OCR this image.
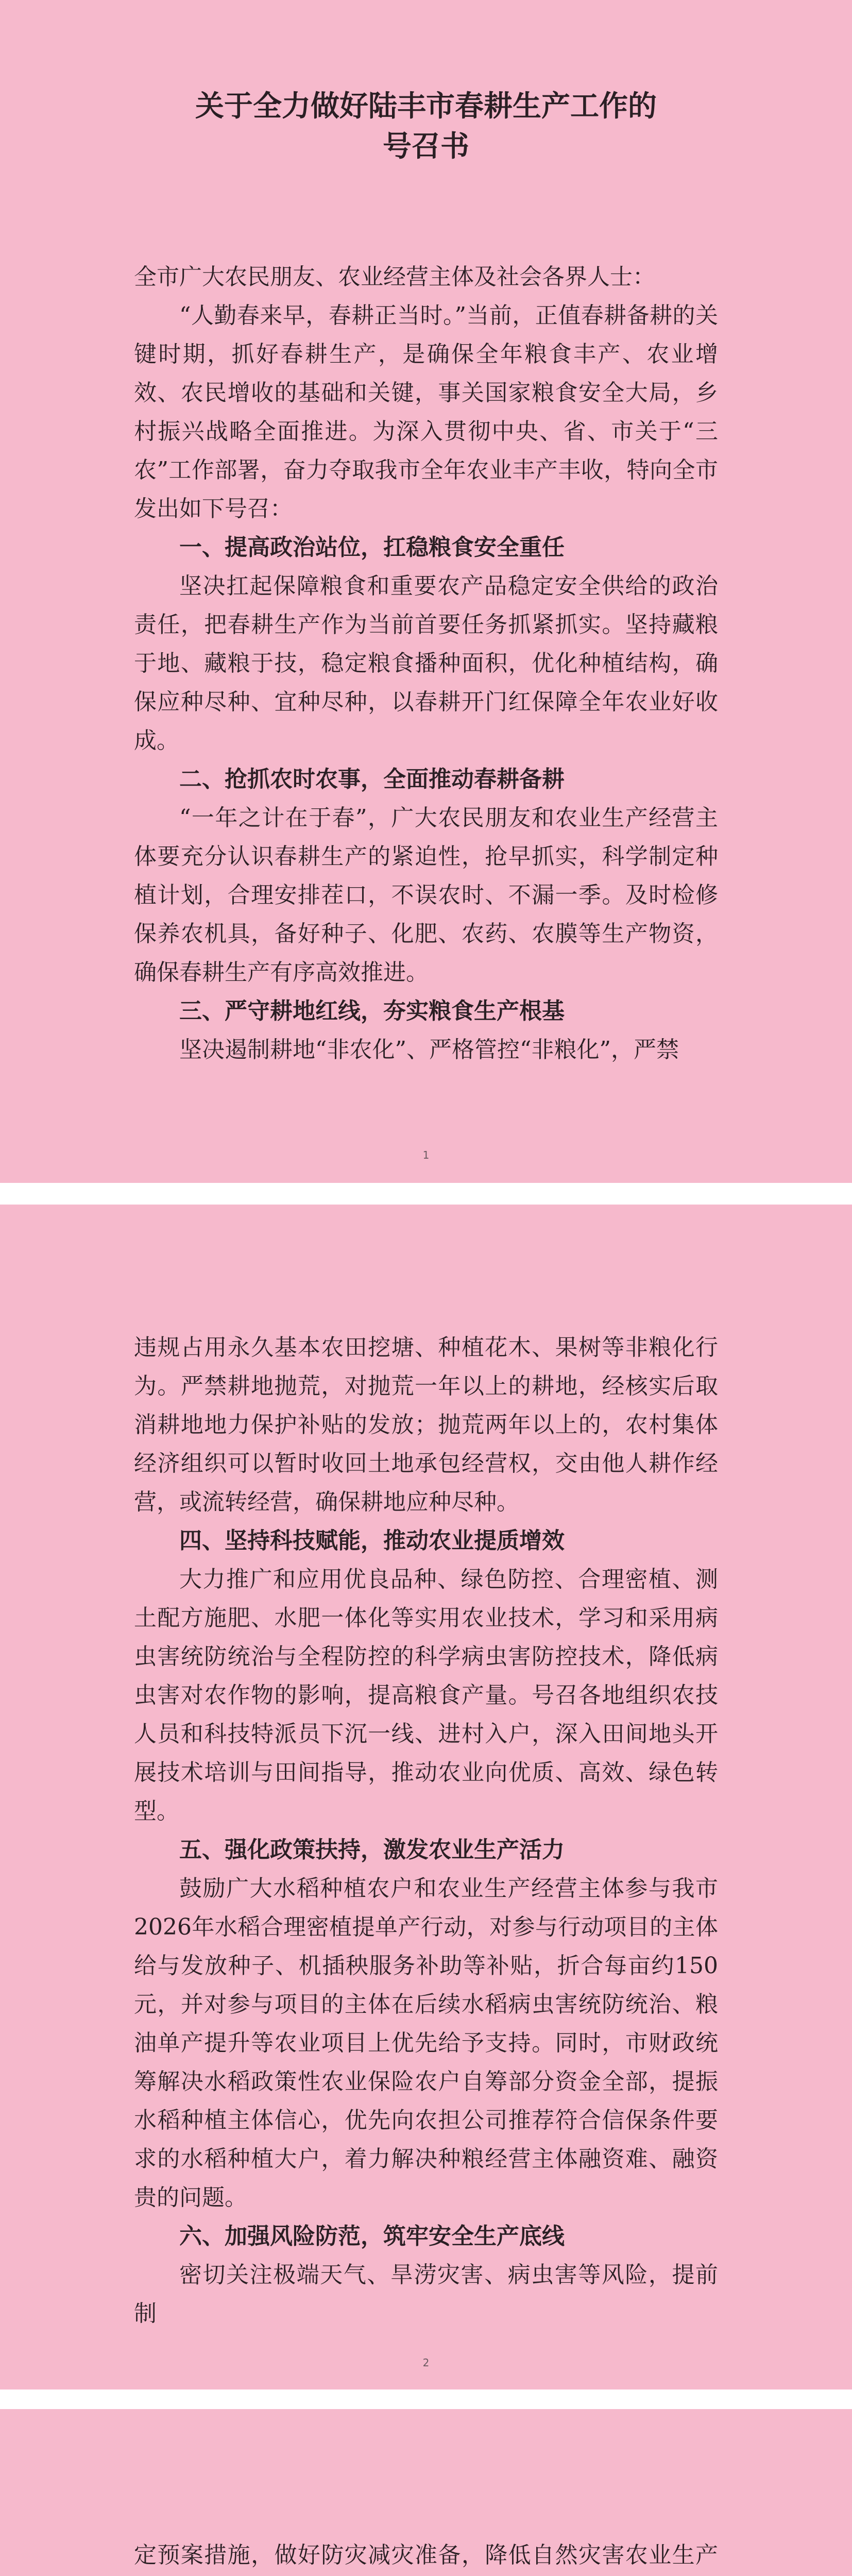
关于全力做好陆丰市春耕生产工作的
号召书

全市广大农民朋友、农业经营主体及社会各界人士：

“人勤春来早，春耕正当时。”当前，正值春耕备耕的关键时期，抓好春耕生产，是确保全年粮食丰产、农业增效、农民增收的基础和关键，事关国家粮食安全大局，乡村振兴战略全面推进。为深入贯彻中央、省、市关于“三农”工作部署，奋力夺取我市全年农业丰产丰收，特向全市发出如下号召：

一、提高政治站位，扛稳粮食安全重任

坚决扛起保障粮食和重要农产品稳定安全供给的政治责任，把春耕生产作为当前首要任务抓紧抓实。坚持藏粮于地、藏粮于技，稳定粮食播种面积，优化种植结构，确保应种尽种、宜种尽种，以春耕开门红保障全年农业好收成。

二、抢抓农时农事，全面推动春耕备耕

“一年之计在于春”，广大农民朋友和农业生产经营主体要充分认识春耕生产的紧迫性，抢早抓实，科学制定种植计划，合理安排茬口，不误农时、不漏一季。及时检修保养农机具，备好种子、化肥、农药、农膜等生产物资，确保春耕生产有序高效推进。

三、严守耕地红线，夯实粮食生产根基

坚决遏制耕地“非农化”、严格管控“非粮化”，严禁

1

违规占用永久基本农田挖塘、种植花木、果树等非粮化行为。严禁耕地抛荒，对抛荒一年以上的耕地，经核实后取消耕地地力保护补贴的发放；抛荒两年以上的，农村集体经济组织可以暂时收回土地承包经营权，交由他人耕作经营，或流转经营，确保耕地应种尽种。

四、坚持科技赋能，推动农业提质增效

大力推广和应用优良品种、绿色防控、合理密植、测土配方施肥、水肥一体化等实用农业技术，学习和采用病虫害统防统治与全程防控的科学病虫害防控技术，降低病虫害对农作物的影响，提高粮食产量。号召各地组织农技人员和科技特派员下沉一线、进村入户，深入田间地头开展技术培训与田间指导，推动农业向优质、高效、绿色转型。

五、强化政策扶持，激发农业生产活力

鼓励广大水稻种植农户和农业生产经营主体参与我市2026年水稻合理密植提单产行动，对参与行动项目的主体给与发放种子、机插秧服务补助等补贴，折合每亩约150元，并对参与项目的主体在后续水稻病虫害统防统治、粮油单产提升等农业项目上优先给予支持。同时，市财政统筹解决水稻政策性农业保险农户自筹部分资金全部，提振水稻种植主体信心，优先向农担公司推荐符合信保条件要求的水稻种植大户，着力解决种粮经营主体融资难、融资贵的问题。

六、加强风险防范，筑牢安全生产底线

密切关注极端天气、旱涝灾害、病虫害等风险，提前制

2

定预案措施，做好防灾减灾准备，降低自然灾害农业生产
